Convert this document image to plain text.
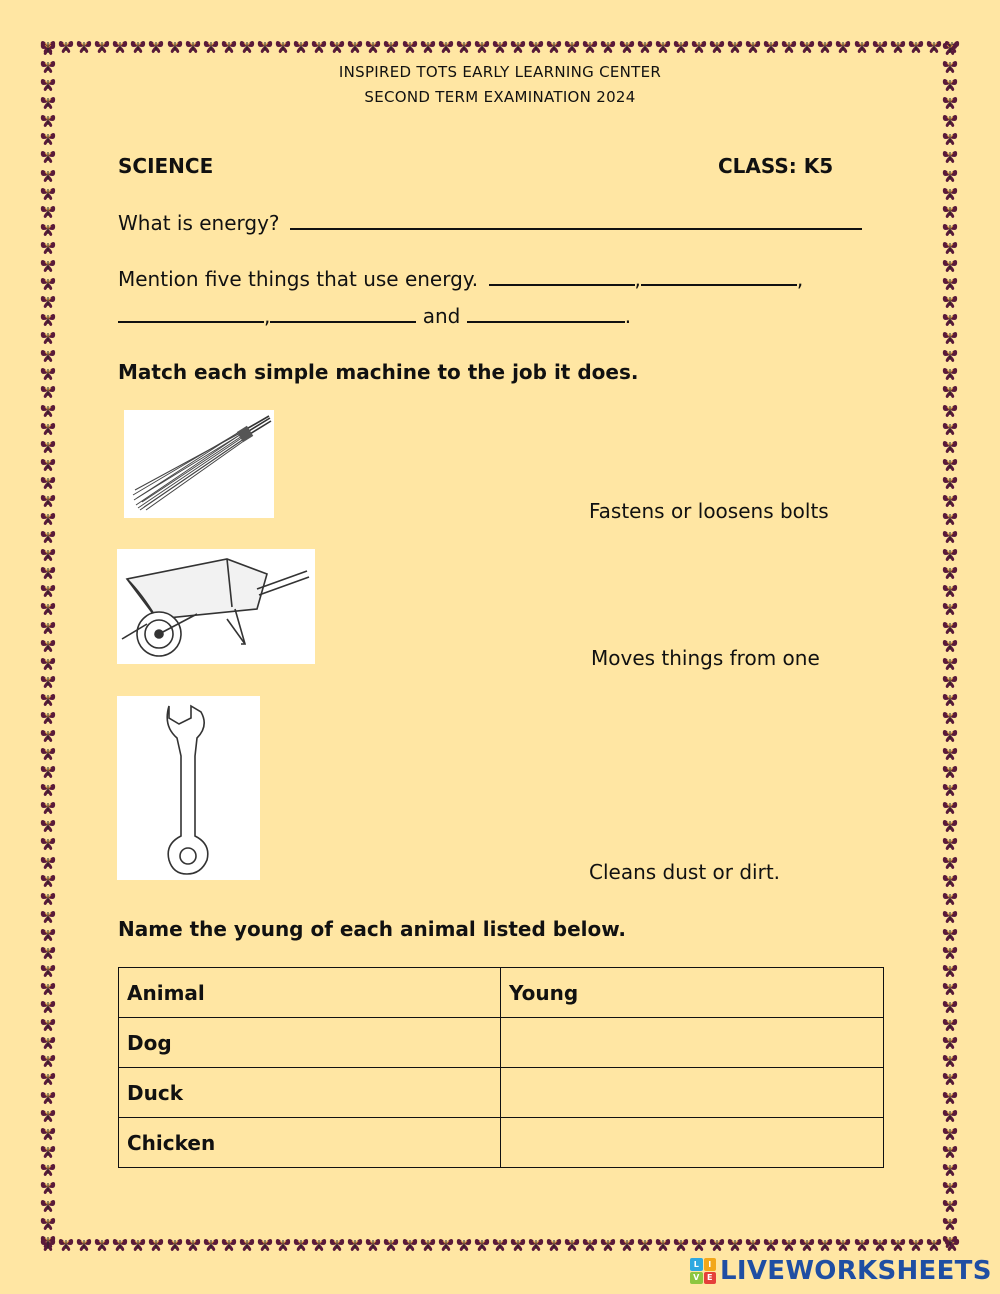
INSPIRED TOTS EARLY LEARNING CENTER
SECOND TERM EXAMINATION 2024
SCIENCE	CLASS: K5
What is energy?
Mention five things that use energy.	,	,
,	and	.
Match each simple machine to the job it does.
Fastens or loosens bolts
Moves things from one
Cleans dust or dirt.
Name the young of each animal listed below.
Animal	Young
Dog	
Duck	
Chicken	
L	I
V E LIVEWORKSHEETS
